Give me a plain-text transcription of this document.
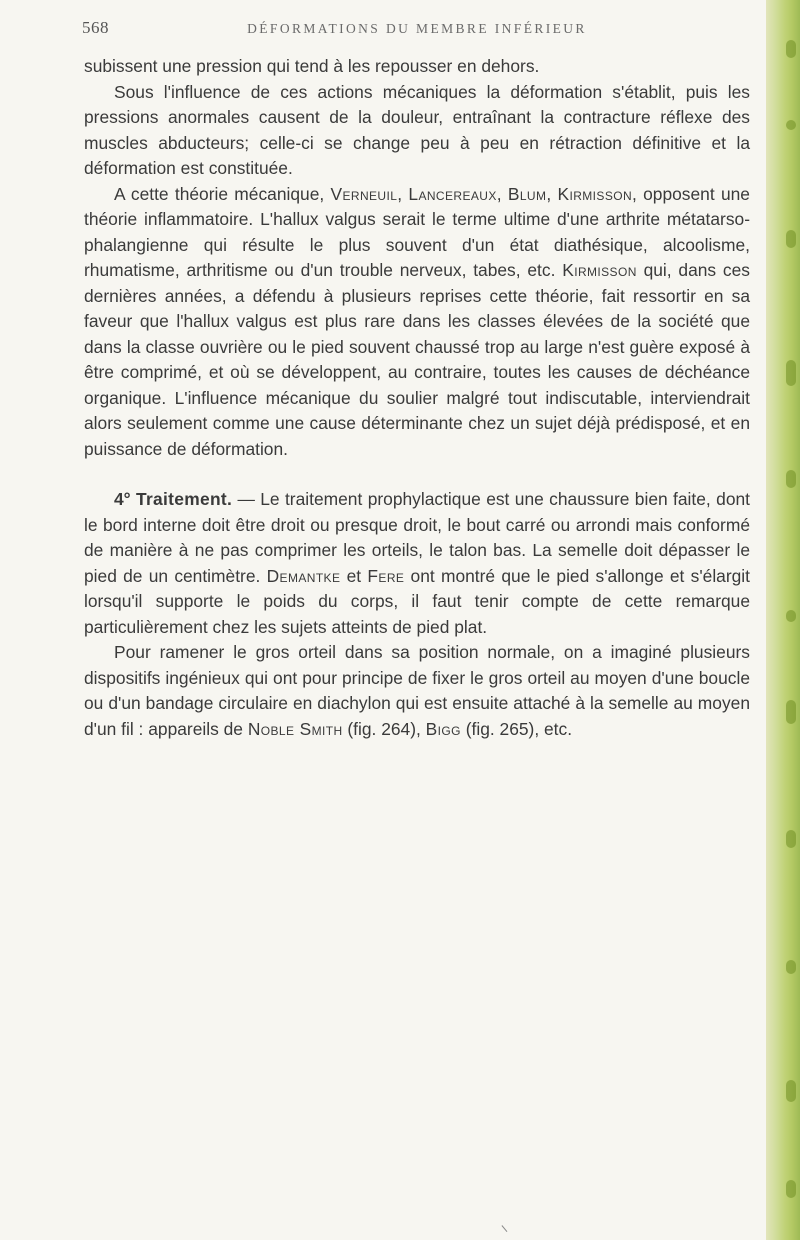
568	DÉFORMATIONS DU MEMBRE INFÉRIEUR

subissent une pression qui tend à les repousser en dehors.

Sous l'influence de ces actions mécaniques la déformation s'établit, puis les pressions anormales causent de la douleur, entraînant la contracture réflexe des muscles abducteurs; celle-ci se change peu à peu en rétraction définitive et la déformation est constituée.

A cette théorie mécanique, Verneuil, Lancereaux, Blum, Kirmisson, opposent une théorie inflammatoire. L'hallux valgus serait le terme ultime d'une arthrite métatarso-phalangienne qui résulte le plus souvent d'un état diathésique, alcoolisme, rhumatisme, arthritisme ou d'un trouble nerveux, tabes, etc. Kirmisson qui, dans ces dernières années, a défendu à plusieurs reprises cette théorie, fait ressortir en sa faveur que l'hallux valgus est plus rare dans les classes élevées de la société que dans la classe ouvrière ou le pied souvent chaussé trop au large n'est guère exposé à être comprimé, et où se développent, au contraire, toutes les causes de déchéance organique. L'influence mécanique du soulier malgré tout indiscutable, interviendrait alors seulement comme une cause déterminante chez un sujet déjà prédisposé, et en puissance de déformation.

4° Traitement. — Le traitement prophylactique est une chaussure bien faite, dont le bord interne doit être droit ou presque droit, le bout carré ou arrondi mais conformé de manière à ne pas comprimer les orteils, le talon bas. La semelle doit dépasser le pied de un centimètre. Demantke et Fere ont montré que le pied s'allonge et s'élargit lorsqu'il supporte le poids du corps, il faut tenir compte de cette remarque particulièrement chez les sujets atteints de pied plat.

Pour ramener le gros orteil dans sa position normale, on a imaginé plusieurs dispositifs ingénieux qui ont pour principe de fixer le gros orteil au moyen d'une boucle ou d'un bandage circulaire en diachylon qui est ensuite attaché à la semelle au moyen d'un fil : appareils de Noble Smith (fig. 264), Bigg (fig. 265), etc.
